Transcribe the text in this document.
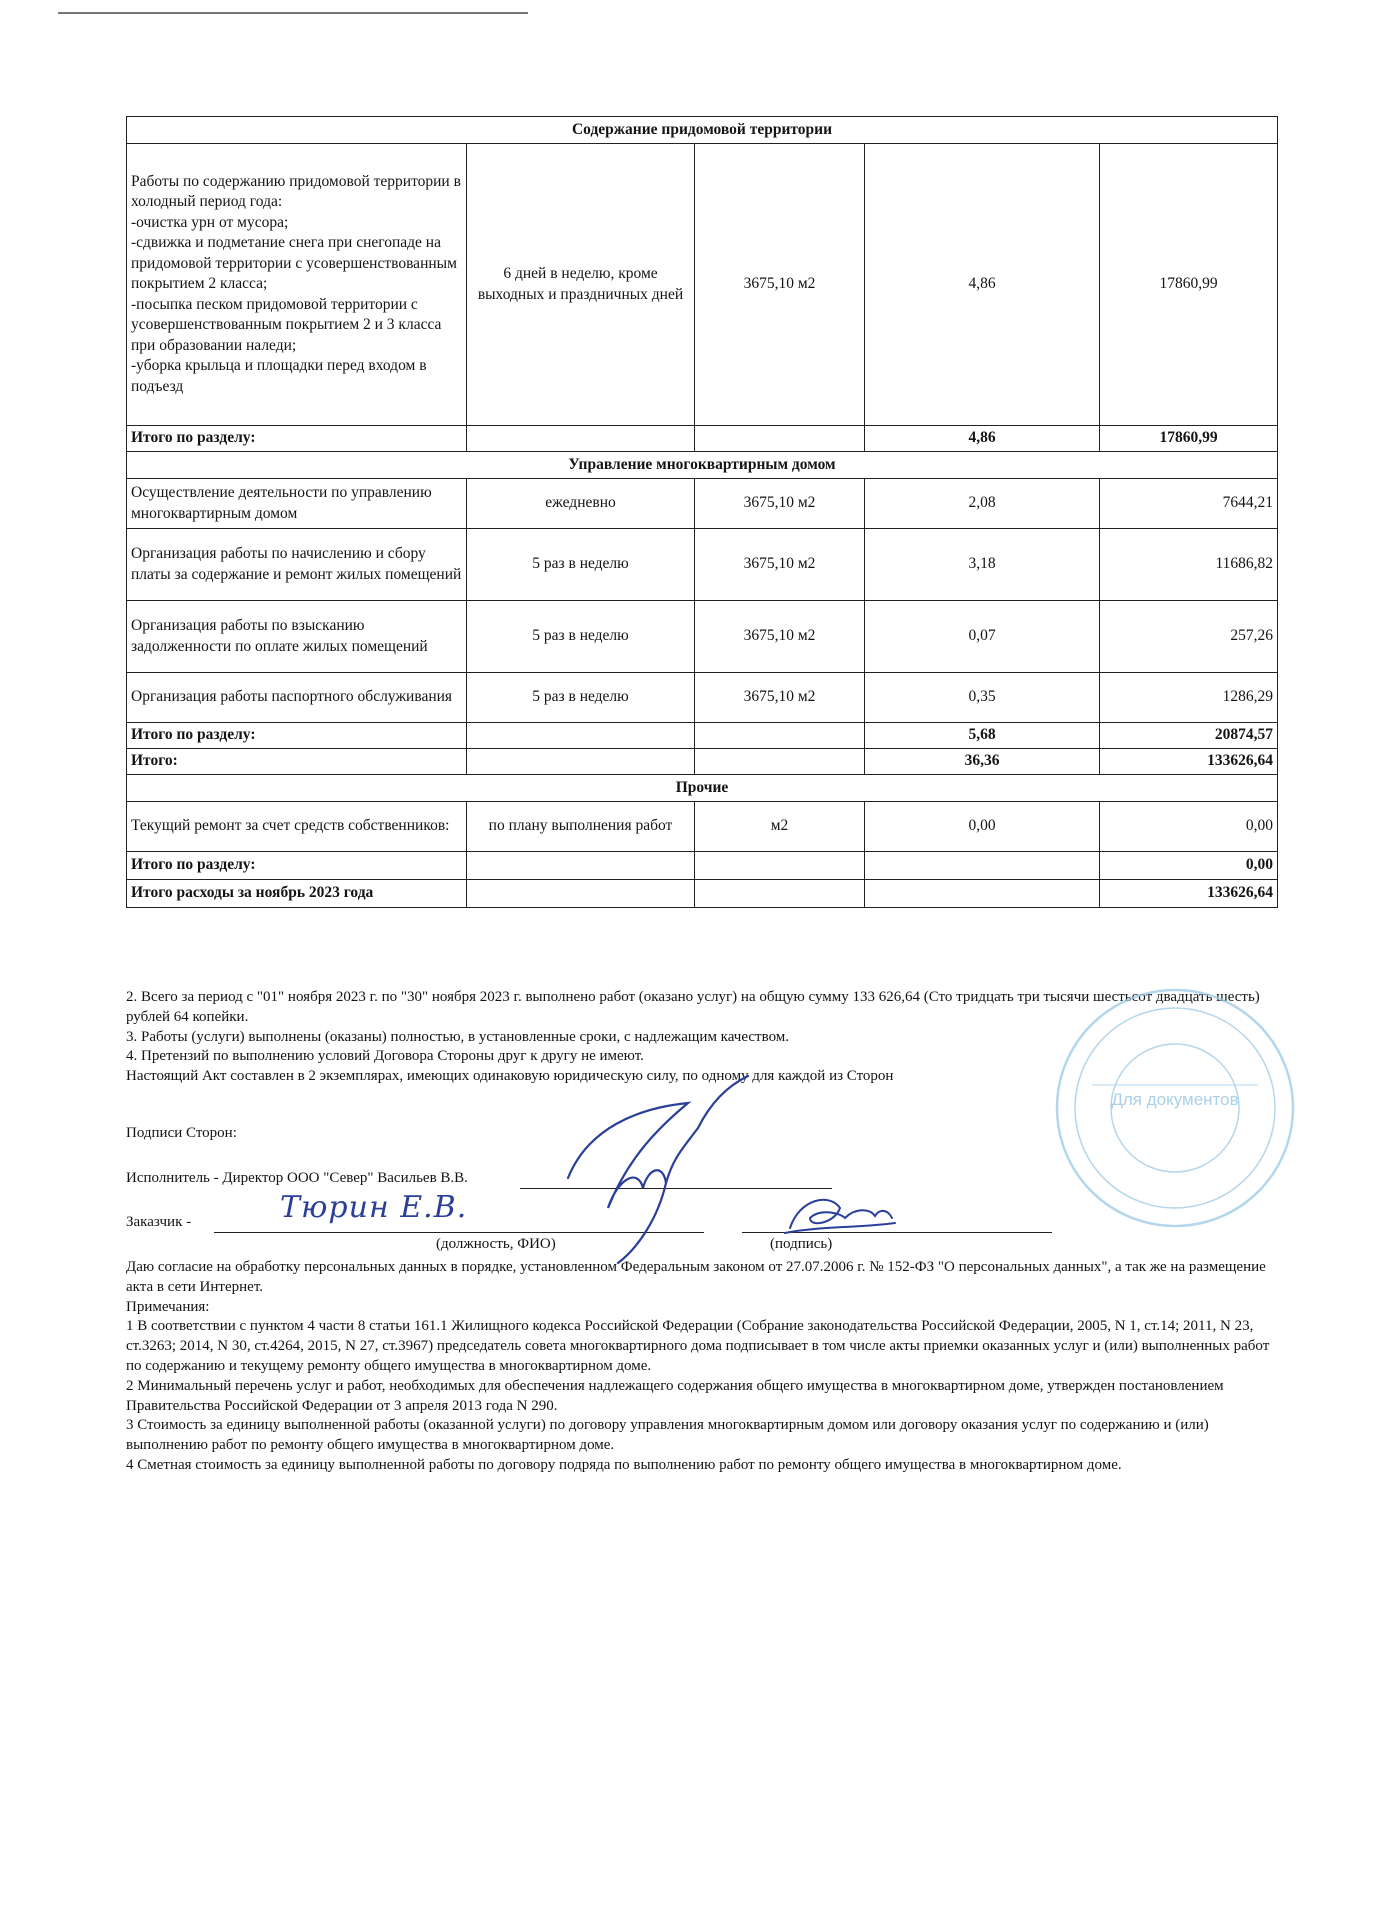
Содержание придомовой территории				
Работы по содержанию придомовой территории в холодный период года:
-очистка урн от мусора;
-сдвижка и подметание снега при снегопаде на придомовой территории с усовершенствованным покрытием 2 класса;
-посыпка песком придомовой территории с усовершенствованным покрытием 2 и 3 класса при образовании наледи;
-уборка крыльца и площадки перед входом в подъезд	6 дней в неделю, кроме выходных и праздничных дней	3675,10 м2	4,86	17860,99
Итого по разделу:			4,86	17860,99
Управление многоквартирным домом				
Осуществление деятельности по управлению многоквартирным домом	ежедневно	3675,10 м2	2,08	7644,21
Организация работы по начислению и сбору платы за содержание и ремонт жилых помещений	5 раз в неделю	3675,10 м2	3,18	11686,82
Организация работы по взысканию задолженности по оплате жилых помещений	5 раз в неделю	3675,10 м2	0,07	257,26
Организация работы паспортного обслуживания	5 раз в неделю	3675,10 м2	0,35	1286,29
Итого по разделу:			5,68	20874,57
Итого:			36,36	133626,64
Прочие				
Текущий ремонт за счет средств собственников:	по плану выполнения работ	м2	0,00	0,00
Итого по разделу:				0,00
Итого расходы за ноябрь 2023 года				133626,64

2. Всего за период с "01" ноября 2023 г. по "30" ноября 2023 г. выполнено работ (оказано услуг) на общую сумму 133 626,64 (Сто тридцать три тысячи шестьсот двадцать шесть) рублей 64 копейки.

3. Работы (услуги) выполнены (оказаны) полностью, в установленные сроки, с надлежащим качеством.

4. Претензий по выполнению условий Договора Стороны друг к другу не имеют.

Настоящий Акт составлен в 2 экземплярах, имеющих одинаковую юридическую силу, по одному для каждой из Сторон

Подписи Сторон:
Исполнитель - Директор ООО "Север" Васильев В.В.
Заказчик -	Тюрин Е.В.
(должность, ФИО)	(подпись)

Даю согласие на обработку персональных данных в порядке, установленном Федеральным законом от 27.07.2006 г. № 152-ФЗ "О персональных данных", а так же на размещение акта в сети Интернет.

Примечания:

1 В соответствии с пунктом 4 части 8 статьи 161.1 Жилищного кодекса Российской Федерации (Собрание законодательства Российской Федерации, 2005, N 1, ст.14; 2011, N 23, ст.3263; 2014, N 30, ст.4264, 2015, N 27, ст.3967) председатель совета многоквартирного дома подписывает в том числе акты приемки оказанных услуг и (или) выполненных работ по содержанию и текущему ремонту общего имущества в многоквартирном доме.

2 Минимальный перечень услуг и работ, необходимых для обеспечения надлежащего содержания общего имущества в многоквартирном доме, утвержден постановлением Правительства Российской Федерации от 3 апреля 2013 года N 290.

3 Стоимость за единицу выполненной работы (оказанной услуги) по договору управления многоквартирным домом или договору оказания услуг по содержанию и (или) выполнению работ по ремонту общего имущества в многоквартирном доме.

4 Сметная стоимость за единицу выполненной работы по договору подряда по выполнению работ по ремонту общего имущества в многоквартирном доме.

Для документов
